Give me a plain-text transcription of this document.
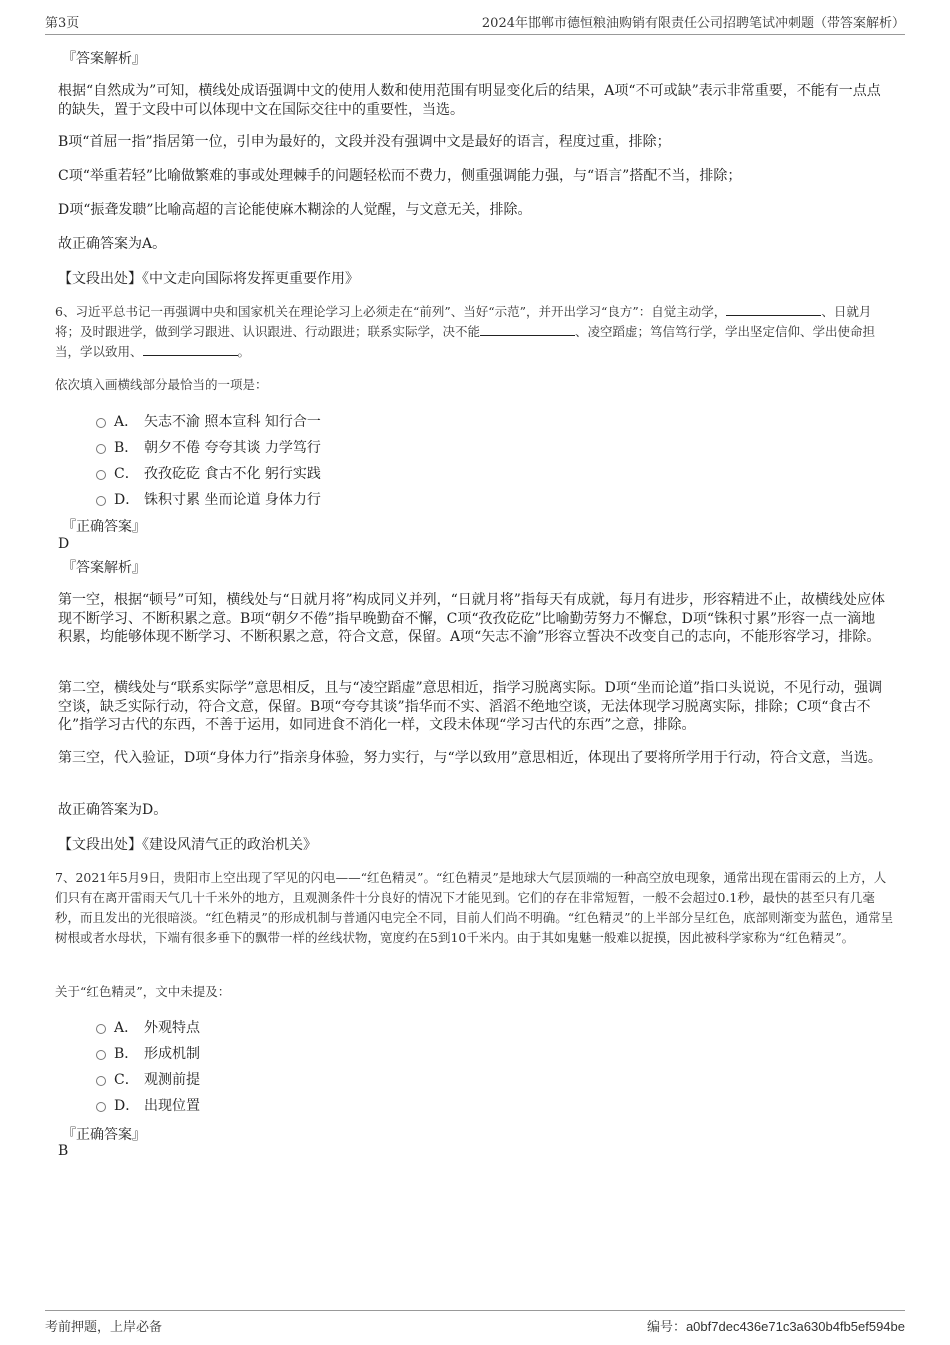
第3页	2024年邯郸市德恒粮油购销有限责任公司招聘笔试冲刺题（带答案解析）
『答案解析』
根据“自然成为”可知，横线处成语强调中文的使用人数和使用范围有明显变化后的结果，A项“不可或缺”表示非常重要，不能有一点点的缺失，置于文段中可以体现中文在国际交往中的重要性，当选。
B项“首屈一指”指居第一位，引申为最好的，文段并没有强调中文是最好的语言，程度过重，排除；
C项“举重若轻”比喻做繁难的事或处理棘手的问题轻松而不费力，侧重强调能力强，与“语言”搭配不当，排除；
D项“振聋发聩”比喻高超的言论能使麻木糊涂的人觉醒，与文意无关，排除。
故正确答案为A。
【文段出处】《中文走向国际将发挥更重要作用》
6、习近平总书记一再强调中央和国家机关在理论学习上必须走在“前列”、当好“示范”，并开出学习“良方”：自觉主动学，	、日就月将；及时跟进学，做到学习跟进、认识跟进、行动跟进；联系实际学，决不能	、凌空蹈虚；笃信笃行学，学出坚定信仰、学出使命担当，学以致用、	。
依次填入画横线部分最恰当的一项是：
A． 矢志不渝 照本宣科 知行合一
B． 朝夕不倦 夸夸其谈 力学笃行
C． 孜孜矻矻 食古不化 躬行实践
D． 铢积寸累 坐而论道 身体力行
『正确答案』
D
『答案解析』
第一空，根据“顿号”可知，横线处与“日就月将”构成同义并列，“日就月将”指每天有成就，每月有进步，形容精进不止，故横线处应体现不断学习、不断积累之意。B项“朝夕不倦”指早晚勤奋不懈，C项“孜孜矻矻”比喻勤劳努力不懈怠，D项“铢积寸累”形容一点一滴地积累，均能够体现不断学习、不断积累之意，符合文意，保留。A项“矢志不渝”形容立誓决不改变自己的志向，不能形容学习，排除。
第二空，横线处与“联系实际学”意思相反，且与“凌空蹈虚”意思相近，指学习脱离实际。D项“坐而论道”指口头说说，不见行动，强调空谈，缺乏实际行动，符合文意，保留。B项“夸夸其谈”指华而不实、滔滔不绝地空谈，无法体现学习脱离实际，排除；C项“食古不化”指学习古代的东西，不善于运用，如同进食不消化一样，文段未体现“学习古代的东西”之意，排除。
第三空，代入验证，D项“身体力行”指亲身体验，努力实行，与“学以致用”意思相近，体现出了要将所学用于行动，符合文意，当选。
故正确答案为D。
【文段出处】《建设风清气正的政治机关》
7、2021年5月9日，贵阳市上空出现了罕见的闪电——“红色精灵”。“红色精灵”是地球大气层顶端的一种高空放电现象，通常出现在雷雨云的上方，人们只有在离开雷雨天气几十千米外的地方，且观测条件十分良好的情况下才能见到。它们的存在非常短暂，一般不会超过0.1秒，最快的甚至只有几毫秒，而且发出的光很暗淡。“红色精灵”的形成机制与普通闪电完全不同，目前人们尚不明确。“红色精灵”的上半部分呈红色，底部则渐变为蓝色，通常呈树根或者水母状，下端有很多垂下的飘带一样的丝线状物，宽度约在5到10千米内。由于其如鬼魅一般难以捉摸，因此被科学家称为“红色精灵”。
关于“红色精灵”，文中未提及：
A． 外观特点
B． 形成机制
C． 观测前提
D． 出现位置
『正确答案』
B
考前押题，上岸必备	编号：a0bf7dec436e71c3a630b4fb5ef594be
